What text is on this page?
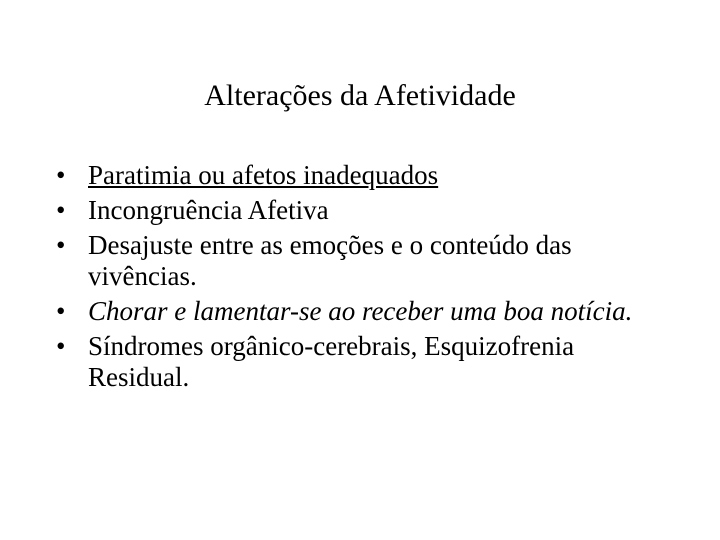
Alterações da Afetividade
• Paratimia ou afetos inadequados
• Incongruência Afetiva
• Desajuste entre as emoções e o conteúdo das vivências.
• Chorar e lamentar-se ao receber uma boa notícia.
• Síndromes orgânico-cerebrais, Esquizofrenia Residual.
